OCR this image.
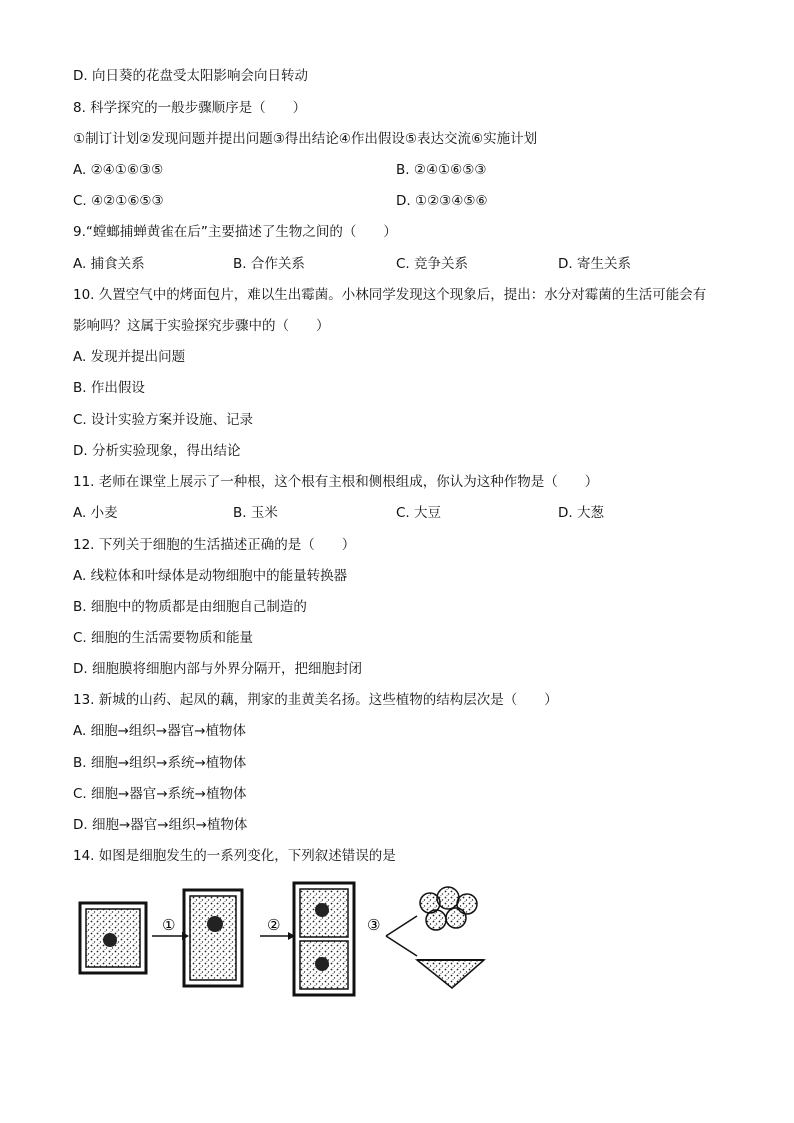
D. 向日葵的花盘受太阳影响会向日转动
8. 科学探究的一般步骤顺序是（　　）
①制订计划②发现问题并提出问题③得出结论④作出假设⑤表达交流⑥实施计划
A. ②④①⑥③⑤	B. ②④①⑥⑤③
C. ④②①⑥⑤③	D. ①②③④⑤⑥
9.“螳螂捕蝉黄雀在后”主要描述了生物之间的（　　）
A. 捕食关系	B. 合作关系	C. 竞争关系	D. 寄生关系
10. 久置空气中的烤面包片，难以生出霉菌。小林同学发现这个现象后，提出：水分对霉菌的生活可能会有
影响吗？这属于实验探究步骤中的（　　）
A. 发现并提出问题
B. 作出假设
C. 设计实验方案并设施、记录
D. 分析实验现象，得出结论
11. 老师在课堂上展示了一种根，这个根有主根和侧根组成，你认为这种作物是（　　）
A. 小麦	B. 玉米	C. 大豆	D. 大葱
12. 下列关于细胞的生活描述正确的是（　　）
A. 线粒体和叶绿体是动物细胞中的能量转换器
B. 细胞中的物质都是由细胞自己制造的
C. 细胞的生活需要物质和能量
D. 细胞膜将细胞内部与外界分隔开，把细胞封闭
13. 新城的山药、起凤的藕，荆家的韭黄美名扬。这些植物的结构层次是（　　）
A. 细胞→组织→器官→植物体
B. 细胞→组织→系统→植物体
C. 细胞→器官→系统→植物体
D. 细胞→器官→组织→植物体
14. 如图是细胞发生的一系列变化，下列叙述错误的是
①	②	③
